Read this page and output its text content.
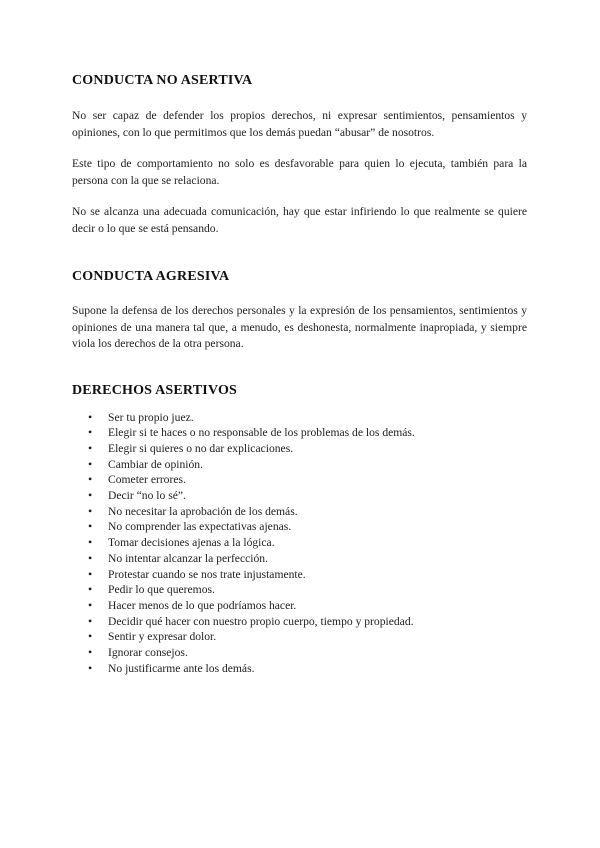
CONDUCTA NO ASERTIVA

No ser capaz de defender los propios derechos, ni expresar sentimientos, pensamientos y opiniones, con lo que permitimos que los demás puedan “abusar” de nosotros.

Este tipo de comportamiento no solo es desfavorable para quien lo ejecuta, también para la persona con la que se relaciona.

No se alcanza una adecuada comunicación, hay que estar infiriendo lo que realmente se quiere decir o lo que se está pensando.

CONDUCTA AGRESIVA

Supone la defensa de los derechos personales y la expresión de los pensamientos, sentimientos y opiniones de una manera tal que, a menudo, es deshonesta, normalmente inapropiada, y siempre viola los derechos de la otra persona.

DERECHOS ASERTIVOS
• Ser tu propio juez.
• Elegir si te haces o no responsable de los problemas de los demás.
• Elegir si quieres o no dar explicaciones.
• Cambiar de opinión.
• Cometer errores.
• Decir “no lo sé”.
• No necesitar la aprobación de los demás.
• No comprender las expectativas ajenas.
• Tomar decisiones ajenas a la lógica.
• No intentar alcanzar la perfección.
• Protestar cuando se nos trate injustamente.
• Pedir lo que queremos.
• Hacer menos de lo que podríamos hacer.
• Decidir qué hacer con nuestro propio cuerpo, tiempo y propiedad.
• Sentir y expresar dolor.
• Ignorar consejos.
• No justificarme ante los demás.
